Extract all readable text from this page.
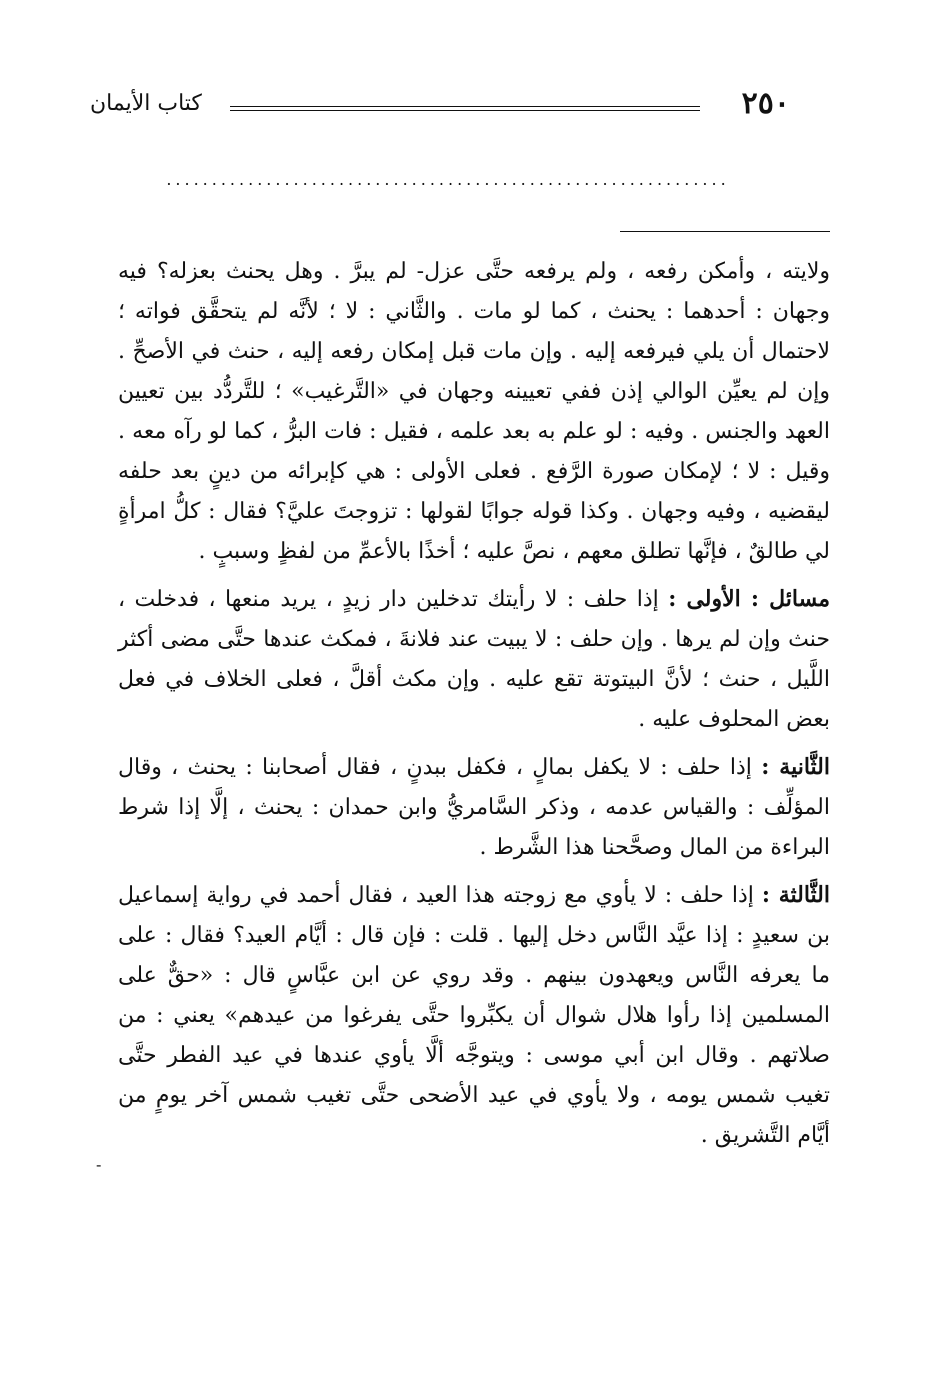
٢٥٠
كتاب الأيمان
..............................................................

ولايته ، وأمكن رفعه ، ولم يرفعه حتَّى عزل- لم يبرَّ . وهل يحنث بعزله؟ فيه وجهان : أحدهما : يحنث ، كما لو مات . والثَّاني : لا ؛ لأنَّه لم يتحقَّق فواته ؛ لاحتمال أن يلي فيرفعه إليه . وإن مات قبل إمكان رفعه إليه ، حنث في الأصحِّ . وإن لم يعيِّن الوالي إذن ففي تعيينه وجهان في «التَّرغيب» ؛ للتَّردُّد بين تعيين العهد والجنس . وفيه : لو علم به بعد علمه ، فقيل : فات البرُّ ، كما لو رآه معه . وقيل : لا ؛ لإمكان صورة الرَّفع . فعلى الأولى : هي كإبرائه من دينٍ بعد حلفه ليقضيه ، وفيه وجهان . وكذا قوله جوابًا لقولها : تزوجتَ عليَّ؟ فقال : كلُّ امرأةٍ لي طالقٌ ، فإنَّها تطلق معهم ، نصَّ عليه ؛ أخذًا بالأعمِّ من لفظٍ وسببٍ .

مسائل : الأولى : إذا حلف : لا رأيتك تدخلين دار زيدٍ ، يريد منعها ، فدخلت ، حنث وإن لم يرها . وإن حلف : لا يبيت عند فلانةَ ، فمكث عندها حتَّى مضى أكثر اللَّيل ، حنث ؛ لأنَّ البيتوتة تقع عليه . وإن مكث أقلَّ ، فعلى الخلاف في فعل بعض المحلوف عليه .

الثَّانية : إذا حلف : لا يكفل بمالٍ ، فكفل ببدنٍ ، فقال أصحابنا : يحنث ، وقال المؤلِّف : والقياس عدمه ، وذكر السَّامريُّ وابن حمدان : يحنث ، إلَّا إذا شرط البراءة من المال وصحَّحنا هذا الشَّرط .

الثَّالثة : إذا حلف : لا يأوي مع زوجته هذا العيد ، فقال أحمد في رواية إسماعيل بن سعيدٍ : إذا عيَّد النَّاس دخل إليها . قلت : فإن قال : أيَّام العيد؟ فقال : على ما يعرفه النَّاس ويعهدون بينهم . وقد روي عن ابن عبَّاسٍ قال : «حقٌّ على المسلمين إذا رأوا هلال شوال أن يكبِّروا حتَّى يفرغوا من عيدهم» يعني : من صلاتهم . وقال ابن أبي موسى : ويتوجَّه ألَّا يأوي عندها في عيد الفطر حتَّى تغيب شمس يومه ، ولا يأوي في عيد الأضحى حتَّى تغيب شمس آخر يومٍ من أيَّام التَّشريق .

-
